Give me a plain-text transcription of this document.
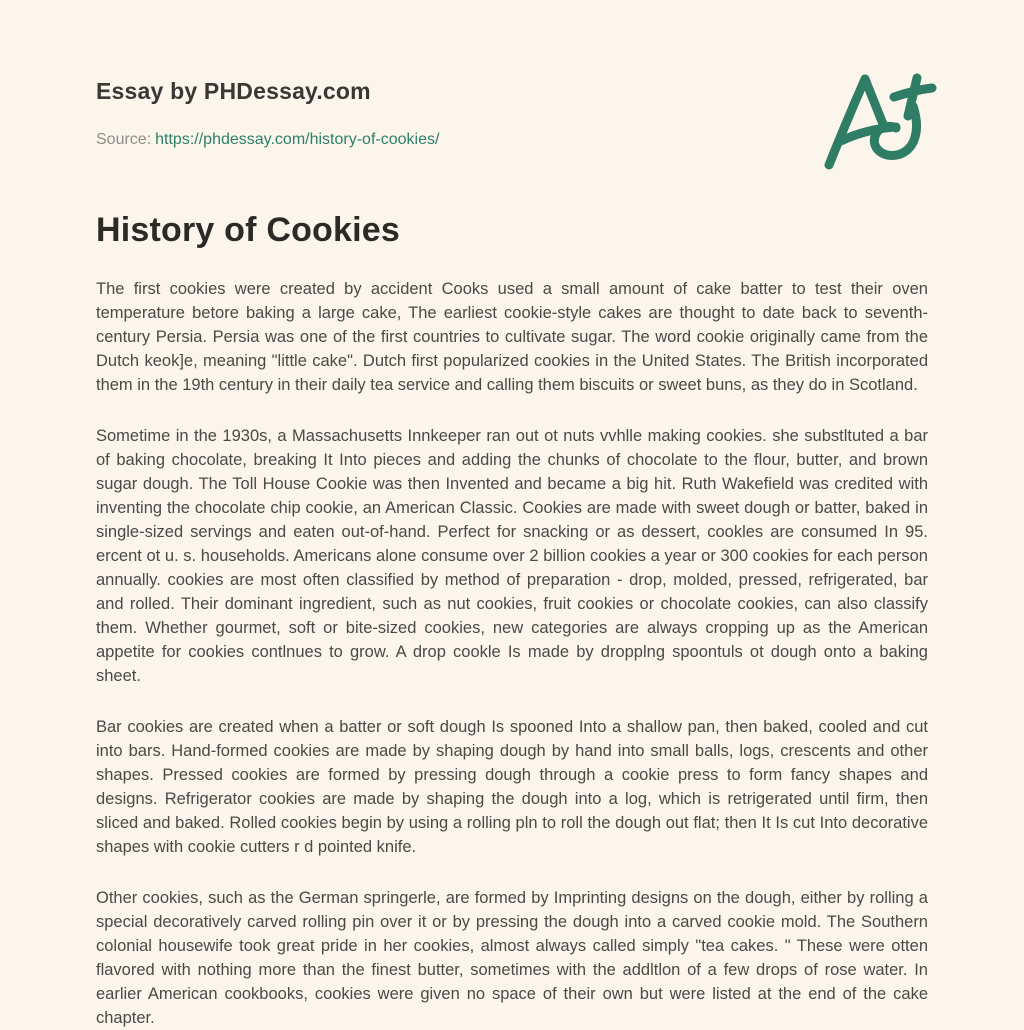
Essay by PHDessay.com
Source: https://phdessay.com/history-of-cookies/
History of Cookies

The first cookies were created by accident Cooks used a small amount of cake batter to test their oven temperature betore baking a large cake, The earliest cookie-style cakes are thought to date back to seventh-century Persia. Persia was one of the first countries to cultivate sugar. The word cookie originally came from the Dutch keok]e, meaning "little cake". Dutch first popularized cookies in the United States. The British incorporated them in the 19th century in their daily tea service and calling them biscuits or sweet buns, as they do in Scotland.

Sometime in the 1930s, a Massachusetts Innkeeper ran out ot nuts vvhlle making cookies. she substltuted a bar of baking chocolate, breaking It Into pieces and adding the chunks of chocolate to the flour, butter, and brown sugar dough. The Toll House Cookie was then Invented and became a big hit. Ruth Wakefield was credited with inventing the chocolate chip cookie, an American Classic. Cookies are made with sweet dough or batter, baked in single-sized servings and eaten out-of-hand. Perfect for snacking or as dessert, cookles are consumed In 95. ercent ot u. s. households. Americans alone consume over 2 billion cookies a year or 300 cookies for each person annually. cookies are most often classified by method of preparation - drop, molded, pressed, refrigerated, bar and rolled. Their dominant ingredient, such as nut cookies, fruit cookies or chocolate cookies, can also classify them. Whether gourmet, soft or bite-sized cookies, new categories are always cropping up as the American appetite for cookies contlnues to grow. A drop cookle Is made by dropplng spoontuls ot dough onto a baking sheet.

Bar cookies are created when a batter or soft dough Is spooned Into a shallow pan, then baked, cooled and cut into bars. Hand-formed cookies are made by shaping dough by hand into small balls, logs, crescents and other shapes. Pressed cookies are formed by pressing dough through a cookie press to form fancy shapes and designs. Refrigerator cookies are made by shaping the dough into a log, which is retrigerated until firm, then sliced and baked. Rolled cookies begin by using a rolling pln to roll the dough out flat; then It Is cut Into decorative shapes with cookie cutters r d pointed knife.

Other cookies, such as the German springerle, are formed by Imprinting designs on the dough, either by rolling a special decoratively carved rolling pin over it or by pressing the dough into a carved cookie mold. The Southern colonial housewife took great pride in her cookies, almost always called simply "tea cakes. " These were otten flavored with nothing more than the finest butter, sometimes with the addltlon of a few drops of rose water. In earlier American cookbooks, cookies were given no space of their own but were listed at the end of the cake chapter.
